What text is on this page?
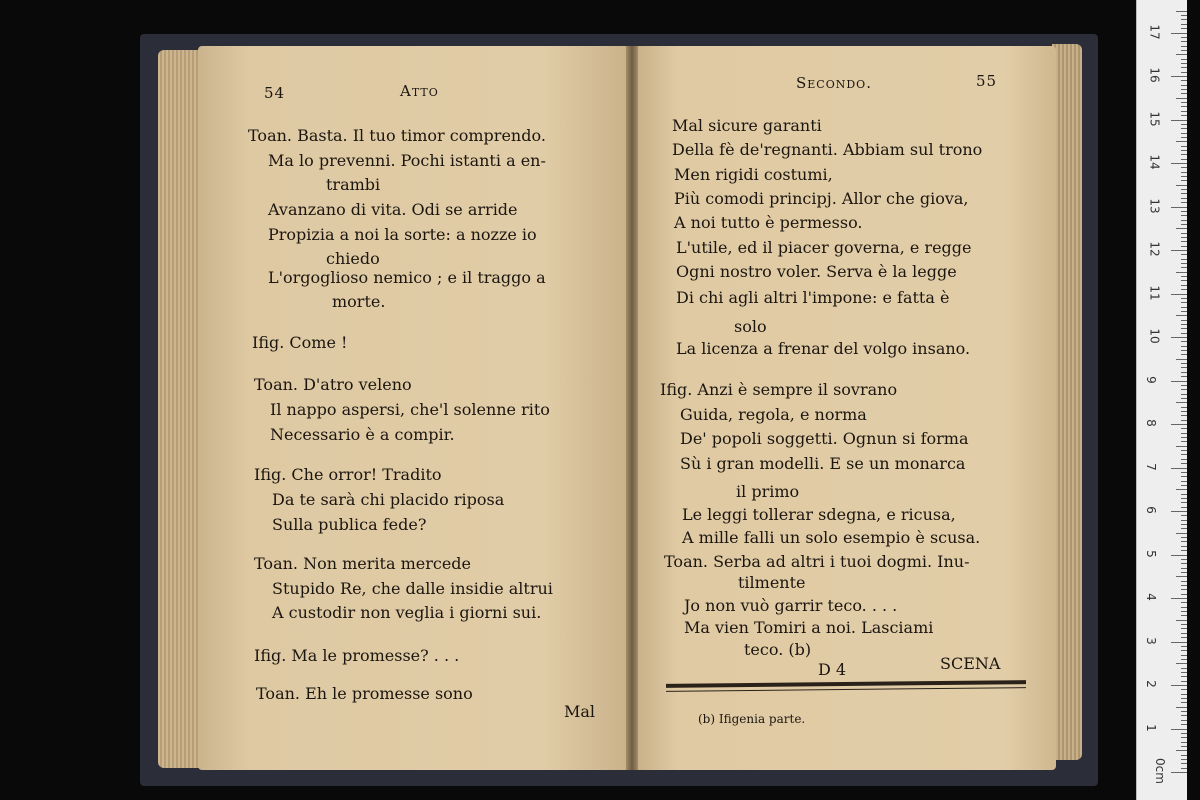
54	Atto
Toan. Basta. Il tuo timor comprendo.
Ma lo prevenni. Pochi istanti a en-
trambi
Avanzano di vita. Odi se arride
Propizia a noi la sorte: a nozze io
chiedo
L'orgoglioso nemico ; e il traggo a
morte.
Ifig. Come !
Toan. D'atro veleno
Il nappo aspersi, che'l solenne rito
Necessario è a compir.
Ifig. Che orror! Tradito
Da te sarà chi placido riposa
Sulla publica fede?
Toan. Non merita mercede
Stupido Re, che dalle insidie altrui
A custodir non veglia i giorni sui.
Ifig. Ma le promesse? . . .
Toan. Eh le promesse sono
Mal
Secondo.	55
Mal sicure garanti
Della fè de'regnanti. Abbiam sul trono
Men rigidi costumi,
Più comodi principj. Allor che giova,
A noi tutto è permesso.
L'utile, ed il piacer governa, e regge
Ogni nostro voler. Serva è la legge
Di chi agli altri l'impone: e fatta è
solo
La licenza a frenar del volgo insano.
Ifig. Anzi è sempre il sovrano
Guida, regola, e norma
De' popoli soggetti. Ognun si forma
Sù i gran modelli. E se un monarca
il primo
Le leggi tollerar sdegna, e ricusa,
A mille falli un solo esempio è scusa.
Toan. Serba ad altri i tuoi dogmi. Inu-
tilmente
Jo non vuò garrir teco. . . .
Ma vien Tomiri a noi. Lasciami
teco. (b)
D 4	SCENA
(b) Ifigenia parte.
0cm
1
2
3
4
5
6
7
8
9
10
11
12
13
14
15
16
17
